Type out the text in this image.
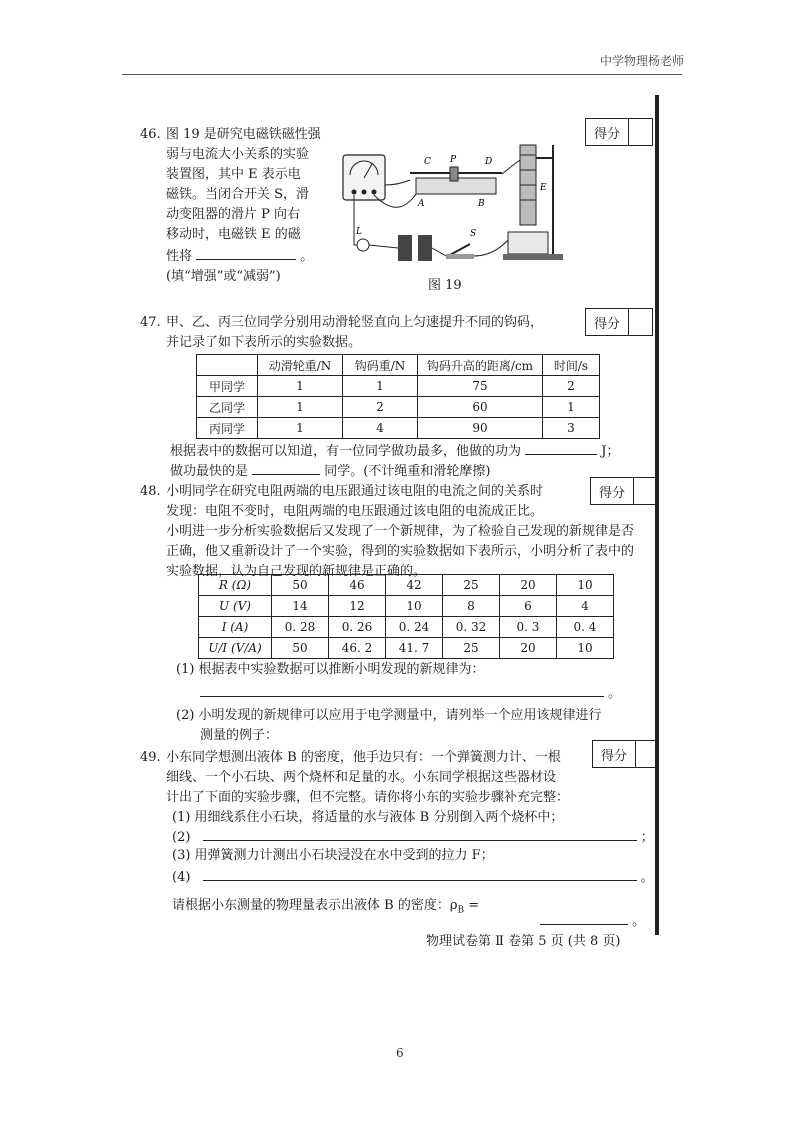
中学物理杨老师
46. 图 19 是研究电磁铁磁性强
弱与电流大小关系的实验
装置图，其中 E 表示电
磁铁。当闭合开关 S，滑
动变阻器的滑片 P 向右
移动时，电磁铁 E 的磁
性将	。
(填“增强”或“减弱”)
得分
C P	D
A	B
E
L	S
图 19
47. 甲、乙、丙三位同学分别用动滑轮竖直向上匀速提升不同的钩码，
并记录了如下表所示的实验数据。
得分
	动滑轮重/N	钩码重/N	钩码升高的距离/cm	时间/s
甲同学	1	1	75	2
乙同学	1	2	60	1
丙同学	1	4	90	3
根据表中的数据可以知道，有一位同学做功最多，他做的功为	J；
做功最快的是	同学。(不计绳重和滑轮摩擦)
48. 小明同学在研究电阻两端的电压跟通过该电阻的电流之间的关系时
发现：电阻不变时，电阻两端的电压跟通过该电阻的电流成正比。
小明进一步分析实验数据后又发现了一个新规律，为了检验自己发现的新规律是否
正确，他又重新设计了一个实验，得到的实验数据如下表所示，小明分析了表中的
实验数据，认为自己发现的新规律是正确的。
得分
R (Ω)	50	46	42	25	20	10
U (V)	14	12	10	8	6	4
I (A)	0. 28	0. 26	0. 24	0. 32	0. 3	0. 4
U/I (V/A)	50	46. 2	41. 7	25	20	10
(1) 根据表中实验数据可以推断小明发现的新规律为：
。
(2) 小明发现的新规律可以应用于电学测量中，请列举一个应用该规律进行
测量的例子：
49. 小东同学想测出液体 B 的密度，他手边只有：一个弹簧测力计、一根
细线、一个小石块、两个烧杯和足量的水。小东同学根据这些器材设
计出了下面的实验步骤，但不完整。请你将小东的实验步骤补充完整：
(1) 用细线系住小石块，将适量的水与液体 B 分别倒入两个烧杯中；
得分
(2)	；
(3) 用弹簧测力计测出小石块浸没在水中受到的拉力 F；
(4)	。
请根据小东测量的物理量表示出液体 B 的密度：$\rho_B$ =
。
物理试卷第 Ⅱ 卷第 5 页 (共 8 页)
6
